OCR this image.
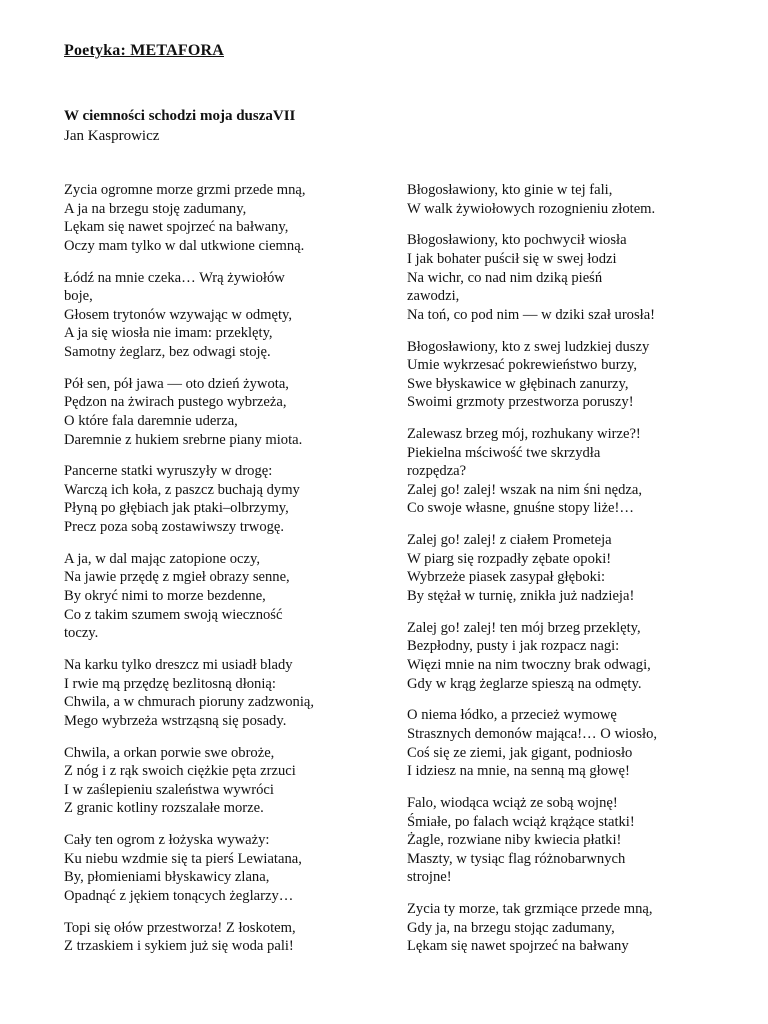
Poetyka: METAFORA
W ciemności schodzi moja duszaVII
Jan Kasprowicz
Zycia ogromne morze grzmi przede mną,
A ja na brzegu stoję zadumany,
Lękam się nawet spojrzeć na bałwany,
Oczy mam tylko w dal utkwione ciemną.
Łódź na mnie czeka… Wrą żywiołów
boje,
Głosem trytonów wzywając w odmęty,
A ja się wiosła nie imam: przeklęty,
Samotny żeglarz, bez odwagi stoję.
Pół sen, pół jawa — oto dzień żywota,
Pędzon na żwirach pustego wybrzeża,
O które fala daremnie uderza,
Daremnie z hukiem srebrne piany miota.
Pancerne statki wyruszyły w drogę:
Warczą ich koła, z paszcz buchają dymy
Płyną po głębiach jak ptaki–olbrzymy,
Precz poza sobą zostawiwszy trwogę.
A ja, w dal mając zatopione oczy,
Na jawie przędę z mgieł obrazy senne,
By okryć nimi to morze bezdenne,
Co z takim szumem swoją wieczność
toczy.
Na karku tylko dreszcz mi usiadł blady
I rwie mą przędzę bezlitosną dłonią:
Chwila, a w chmurach pioruny zadzwonią,
Mego wybrzeża wstrząsną się posady.
Chwila, a orkan porwie swe obroże,
Z nóg i z rąk swoich ciężkie pęta zrzuci
I w zaślepieniu szaleństwa wywróci
Z granic kotliny rozszalałe morze.
Cały ten ogrom z łożyska wyważy:
Ku niebu wzdmie się ta pierś Lewiatana,
By, płomieniami błyskawicy zlana,
Opadnąć z jękiem tonących żeglarzy…
Topi się ołów przestworza! Z łoskotem,
Z trzaskiem i sykiem już się woda pali!
Błogosławiony, kto ginie w tej fali,
W walk żywiołowych rozognieniu złotem.
Błogosławiony, kto pochwycił wiosła
I jak bohater puścił się w swej łodzi
Na wichr, co nad nim dziką pieśń
zawodzi,
Na toń, co pod nim — w dziki szał urosła!
Błogosławiony, kto z swej ludzkiej duszy
Umie wykrzesać pokrewieństwo burzy,
Swe błyskawice w głębinach zanurzy,
Swoimi grzmoty przestworza poruszy!
Zalewasz brzeg mój, rozhukany wirze?!
Piekielna mściwość twe skrzydła
rozpędza?
Zalej go! zalej! wszak na nim śni nędza,
Co swoje własne, gnuśne stopy liże!…
Zalej go! zalej! z ciałem Prometeja
W piarg się rozpadły zębate opoki!
Wybrzeże piasek zasypał głęboki:
By stężał w turnię, znikła już nadzieja!
Zalej go! zalej! ten mój brzeg przeklęty,
Bezpłodny, pusty i jak rozpacz nagi:
Więzi mnie na nim twoczny brak odwagi,
Gdy w krąg żeglarze spieszą na odmęty.
O niema łódko, a przecież wymowę
Strasznych demonów mająca!… O wiosło,
Coś się ze ziemi, jak gigant, podniosło
I idziesz na mnie, na senną mą głowę!
Falo, wiodąca wciąż ze sobą wojnę!
Śmiałe, po falach wciąż krążące statki!
Żagle, rozwiane niby kwiecia płatki!
Maszty, w tysiąc flag różnobarwnych
strojne!
Zycia ty morze, tak grzmiące przede mną,
Gdy ja, na brzegu stojąc zadumany,
Lękam się nawet spojrzeć na bałwany
